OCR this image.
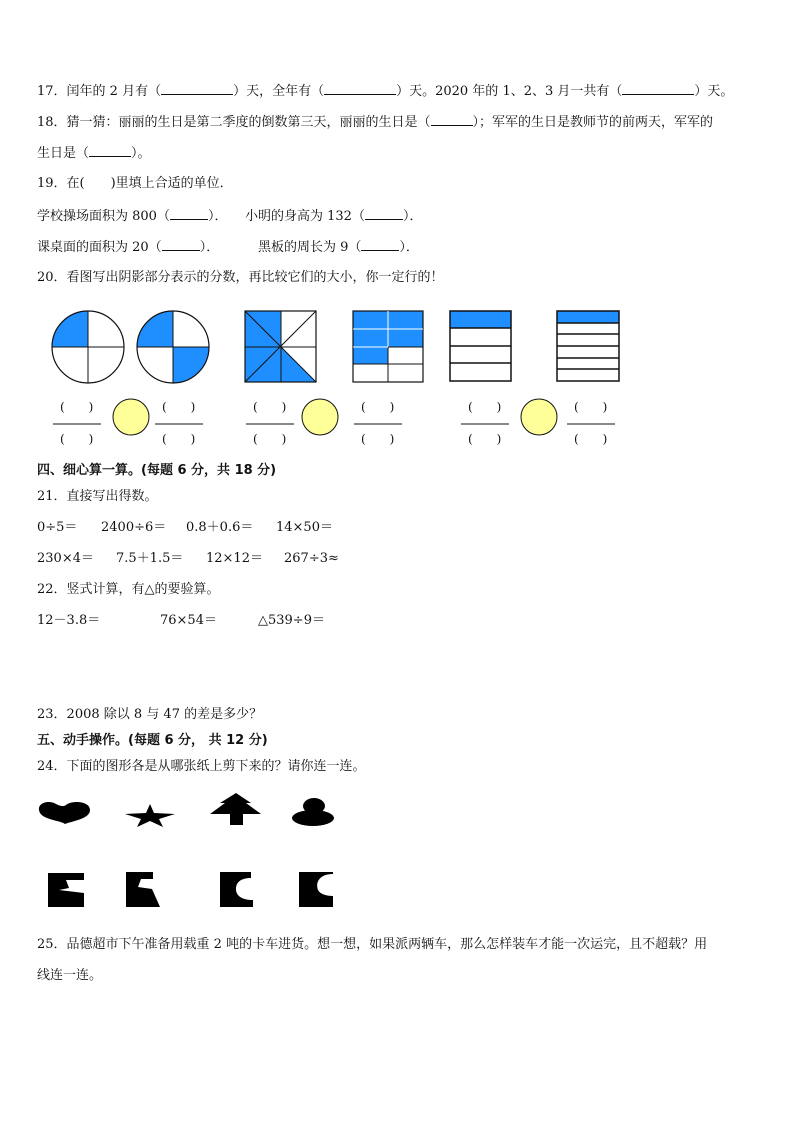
17．闰年的 2 月有（	）天，全年有（	）天。2020 年的 1、2、3 月一共有（	）天。
18．猜一猜：丽丽的生日是第二季度的倒数第三天，丽丽的生日是（	）；军军的生日是教师节的前两天，军军的
生日是（	）。
19．在(　　)里填上合适的单位．
学校操场面积为 800（	）． 小明的身高为 132（	）．
课桌面的面积为 20（	）．	黑板的周长为 9（	）．
20．看图写出阴影部分表示的分数，再比较它们的大小，你一定行的！
(　　)
(　　)
(　　)
(　　)
(　　)
(　　)
(　　)
(　　)
(　　)
(　　)
(　　)
(　　)
四、细心算一算。(每题 6 分，共 18 分)
21．直接写出得数。
0÷5＝ 2400÷6＝ 0.8＋0.6＝ 14×50＝
230×4＝ 7.5＋1.5＝ 12×12＝ 267÷3≈
22．竖式计算，有△的要验算。
12－3.8＝	76×54＝	△539÷9＝
23．2008 除以 8 与 47 的差是多少？
五、动手操作。(每题 6 分， 共 12 分)
24．下面的图形各是从哪张纸上剪下来的？请你连一连。
25．品德超市下午准备用载重 2 吨的卡车进货。想一想，如果派两辆车，那么怎样装车才能一次运完，且不超载？用
线连一连。
